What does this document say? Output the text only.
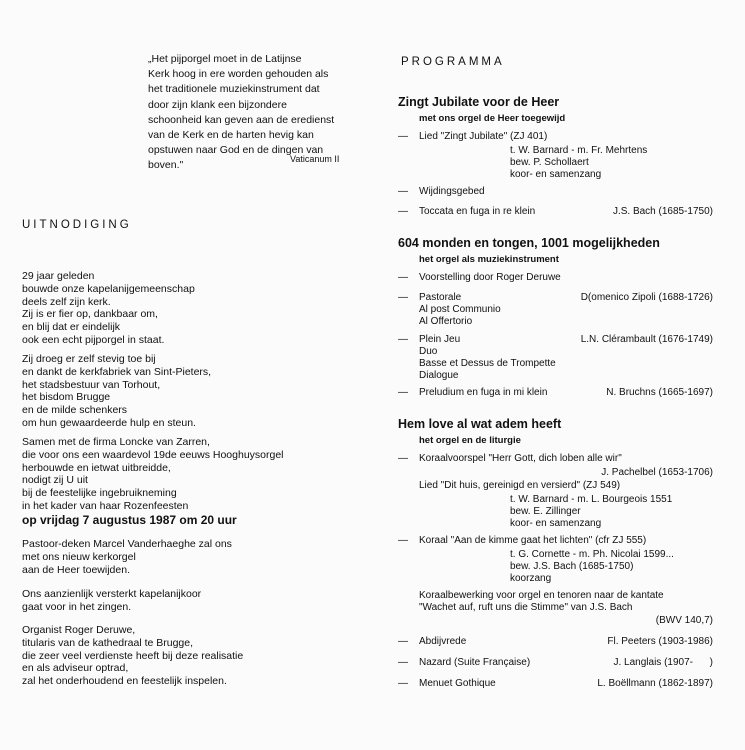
„Het pijporgel moet in de Latijnse
Kerk hoog in ere worden gehouden als
het traditionele muziekinstrument dat
door zijn klank een bijzondere
schoonheid kan geven aan de eredienst
van de Kerk en de harten hevig kan
opstuwen naar God en de dingen van
boven."
Vaticanum II
UITNODIGING
29 jaar geleden
bouwde onze kapelanijgemeenschap
deels zelf zijn kerk.
Zij is er fier op, dankbaar om,
en blij dat er eindelijk
ook een echt pijporgel in staat.
Zij droeg er zelf stevig toe bij
en dankt de kerkfabriek van Sint-Pieters,
het stadsbestuur van Torhout,
het bisdom Brugge
en de milde schenkers
om hun gewaardeerde hulp en steun.
Samen met de firma Loncke van Zarren,
die voor ons een waardevol 19de eeuws Hooghuysorgel
herbouwde en ietwat uitbreidde,
nodigt zij U uit
bij de feestelijke ingebruikneming
in het kader van haar Rozenfeesten
op vrijdag 7 augustus 1987 om 20 uur
Pastoor-deken Marcel Vanderhaeghe zal ons
met ons nieuw kerkorgel
aan de Heer toewijden.
Ons aanzienlijk versterkt kapelanijkoor
gaat voor in het zingen.
Organist Roger Deruwe,
titularis van de kathedraal te Brugge,
die zeer veel verdienste heeft bij deze realisatie
en als adviseur optrad,
zal het onderhoudend en feestelijk inspelen.
PROGRAMMA
Zingt Jubilate voor de Heer
met ons orgel de Heer toegewijd
—	Lied "Zingt Jubilate" (ZJ 401)
t. W. Barnard - m. Fr. Mehrtens
bew. P. Schollaert
koor- en samenzang
—	Wijdingsgebed
—	Toccata en fuga in re klein	J.S. Bach (1685-1750)
604 monden en tongen, 1001 mogelijkheden
het orgel als muziekinstrument
—	Voorstelling door Roger Deruwe
—	Pastorale	D(omenico Zipoli (1688-1726)
Al post Communio
Al Offertorio
—	Plein Jeu	L.N. Clérambault (1676-1749)
Duo
Basse et Dessus de Trompette
Dialogue
—	Preludium en fuga in mi klein	N. Bruchns (1665-1697)
Hem love al wat adem heeft
het orgel en de liturgie
—	Koraalvoorspel "Herr Gott, dich loben alle wir"
J. Pachelbel (1653-1706)
Lied "Dit huis, gereinigd en versierd" (ZJ 549)
t. W. Barnard - m. L. Bourgeois 1551
bew. E. Zillinger
koor- en samenzang
—	Koraal "Aan de kimme gaat het lichten" (cfr ZJ 555)
t. G. Cornette - m. Ph. Nicolai 1599...
bew. J.S. Bach (1685-1750)
koorzang
Koraalbewerking voor orgel en tenoren naar de kantate
"Wachet auf, ruft uns die Stimme" van J.S. Bach
(BWV 140,7)
—	Abdijvrede	Fl. Peeters (1903-1986)
—	Nazard (Suite Française)	J. Langlais (1907-      )
—	Menuet Gothique	L. Boëllmann (1862-1897)
